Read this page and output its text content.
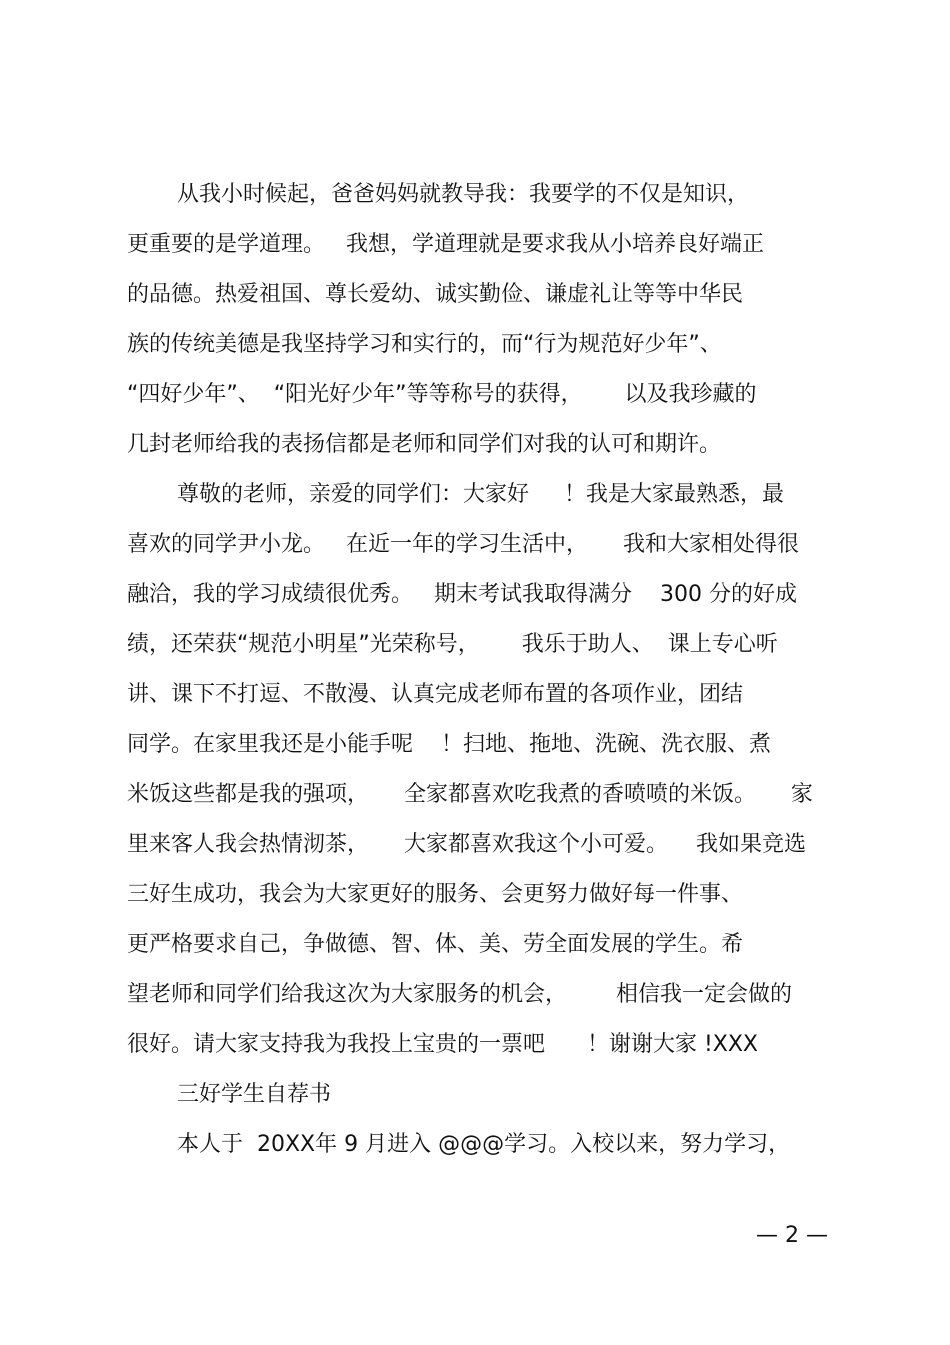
从我小时候起，爸爸妈妈就教导我：我要学的不仅是知识，
更重要的是学道理。   我想，学道理就是要求我从小培养良好端正
的品德。热爱祖国、尊长爱幼、诚实勤俭、谦虚礼让等等中华民
族的传统美德是我坚持学习和实行的，而“行为规范好少年”、
“四好少年”、  “阳光好少年”等等称号的获得，      以及我珍藏的
几封老师给我的表扬信都是老师和同学们对我的认可和期许。
尊敬的老师，亲爱的同学们：大家好     ！我是大家最熟悉，最
喜欢的同学尹小龙。   在近一年的学习生活中，     我和大家相处得很
融洽，我的学习成绩很优秀。   期末考试我取得满分    300 分的好成
绩，还荣获“规范小明星”光荣称号，      我乐于助人、  课上专心听
讲、课下不打逗、不散漫、认真完成老师布置的各项作业，团结
同学。在家里我还是小能手呢    ！扫地、拖地、洗碗、洗衣服、煮
米饭这些都是我的强项，     全家都喜欢吃我煮的香喷喷的米饭。     家
里来客人我会热情沏茶，     大家都喜欢我这个小可爱。    我如果竞选
三好生成功，我会为大家更好的服务、会更努力做好每一件事、
更严格要求自己，争做德、智、体、美、劳全面发展的学生。希
望老师和同学们给我这次为大家服务的机会，       相信我一定会做的
很好。请大家支持我为我投上宝贵的一票吧      ！谢谢大家 !XXX
三好学生自荐书
本人于  20XX年 9 月进入 @@@学习。入校以来，努力学习，
— 2 —
